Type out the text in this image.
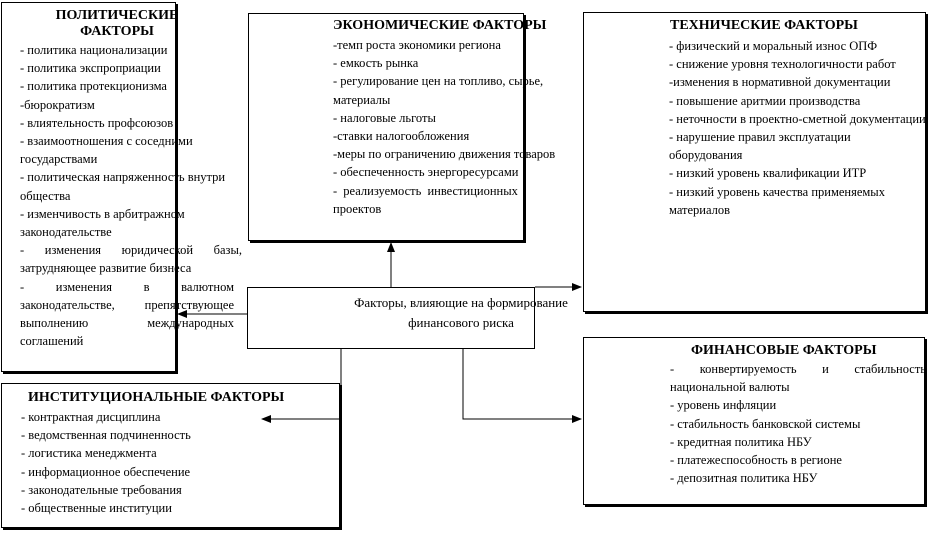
ПОЛИТИЧЕСКИЕ
ФАКТОРЫ
- политика национализации
- политика экспроприации
- политика протекционизма
-бюрократизм
- влиятельность профсоюзов
- взаимоотношения с соседними государствами
- политическая напряженность внутри общества
- изменчивость в арбитражном законодательстве
- изменения юридической базы, затрудняющее развитие бизнеса
- изменения в валютном законодательстве, препятствующее выполнению международных соглашений
ЭКОНОМИЧЕСКИЕ ФАКТОРЫ
-темп роста экономики региона
- емкость рынка
- регулирование цен на топливо, сырье, материалы
- налоговые льготы
-ставки налогообложения
-меры по ограничению движения товаров
- обеспеченность энергоресурсами
- реализуемость инвестиционных проектов
ТЕХНИЧЕСКИЕ ФАКТОРЫ
- физический и моральный износ ОПФ
- снижение уровня технологичности работ
-изменения в нормативной документации
- повышение аритмии производства
- неточности в проектно-сметной документации
- нарушение правил эксплуатации оборудования
- низкий уровень квалификации ИТР
- низкий уровень качества применяемых материалов
Факторы, влияющие на формирование
финансового риска
ИНСТИТУЦИОНАЛЬНЫЕ ФАКТОРЫ
- контрактная дисциплина
- ведомственная подчиненность
- логистика менеджмента
- информационное обеспечение
- законодательные требования
- общественные институции
ФИНАНСОВЫЕ ФАКТОРЫ
- конвертируемость и стабильность национальной валюты
- уровень инфляции
- стабильность банковской системы
- кредитная политика НБУ
- платежеспособность в регионе
- депозитная политика НБУ
